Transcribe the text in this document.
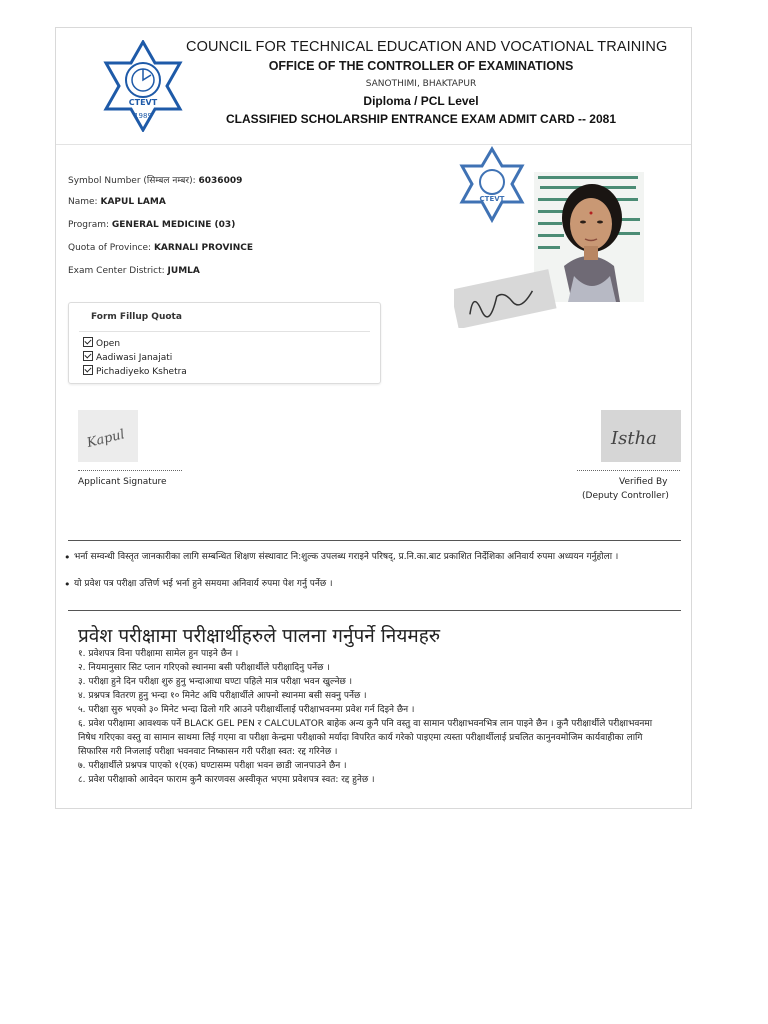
CTEVT
1989
COUNCIL FOR TECHNICAL EDUCATION AND VOCATIONAL TRAINING
OFFICE OF THE CONTROLLER OF EXAMINATIONS
SANOTHIMI, BHAKTAPUR
Diploma / PCL Level
CLASSIFIED SCHOLARSHIP ENTRANCE EXAM ADMIT CARD -- 2081
Symbol Number (सिम्बल नम्बर): 6036009
Name: KAPUL LAMA
Program: GENERAL MEDICINE (03)
Quota of Province: KARNALI PROVINCE
Exam Center District: JUMLA
Form Fillup Quota
Open
Aadiwasi Janajati
Pichadiyeko Kshetra
CTEVT
Kapul
Applicant Signature
Istha
Verified By
(Deputy Controller)
• भर्ना सम्वन्धी विस्तृत जानकारीका लागि सम्बन्धित शिक्षण संस्थावाट नि:शुल्क उपलब्ध गराइने परिषद्, प्र.नि.का.बाट प्रकाशित निर्देशिका अनिवार्य रुपमा अध्ययन गर्नुहोला ।
• यो प्रवेश पत्र परीक्षा उत्तिर्ण भई भर्ना हुने समयमा अनिवार्य रुपमा पेश गर्नु पर्नेछ ।
प्रवेश परीक्षामा परीक्षार्थीहरुले पालना गर्नुपर्ने नियमहरु
१. प्रवेशपत्र विना परीक्षामा सामेल हुन पाइने छैन ।
२. नियमानुसार सिट प्लान गरिएको स्थानमा बसी परीक्षार्थीले परीक्षादिनु पर्नेछ ।
३. परीक्षा हुने दिन परीक्षा शुरु हुनु भन्दाआधा घण्टा पहिले मात्र परीक्षा भवन खुल्नेछ ।
४. प्रश्नपत्र वितरण हुनु भन्दा १० मिनेट अघि परीक्षार्थीले आफ्नो स्थानमा बसी सक्नु पर्नेछ ।
५. परीक्षा सुरु भएको ३० मिनेट भन्दा ढिलो गरि आउने परीक्षार्थीलाई परीक्षाभवनमा प्रवेश गर्न दिइने छैन ।
६. प्रवेश परीक्षामा आवश्यक पर्ने BLACK GEL PEN र CALCULATOR बाहेक अन्य कुनै पनि वस्तु वा सामान परीक्षाभवनभित्र लान पाइने छैन । कुनै परीक्षार्थीले परीक्षाभवनमा निषेध गरिएका वस्तु वा सामान साथमा लिई गएमा वा परीक्षा केन्द्रमा परीक्षाको मर्यादा विपरित कार्य गरेको पाइएमा त्यस्ता परीक्षार्थीलाई प्रचलित कानुनवमोजिम कार्यवाहीका लागि सिफारिस गरी निजलाई परीक्षा भवनवाट निष्कासन गरी परीक्षा स्वत: रद्द गरिनेछ ।
७. परीक्षार्थीले प्रश्नपत्र पाएको १(एक) घण्टासम्म परीक्षा भवन छाडी जानपाउने छैन ।
८. प्रवेश परीक्षाको आवेदन फाराम कुनै कारणवस अस्वीकृत भएमा प्रवेशपत्र स्वत: रद्द हुनेछ ।
